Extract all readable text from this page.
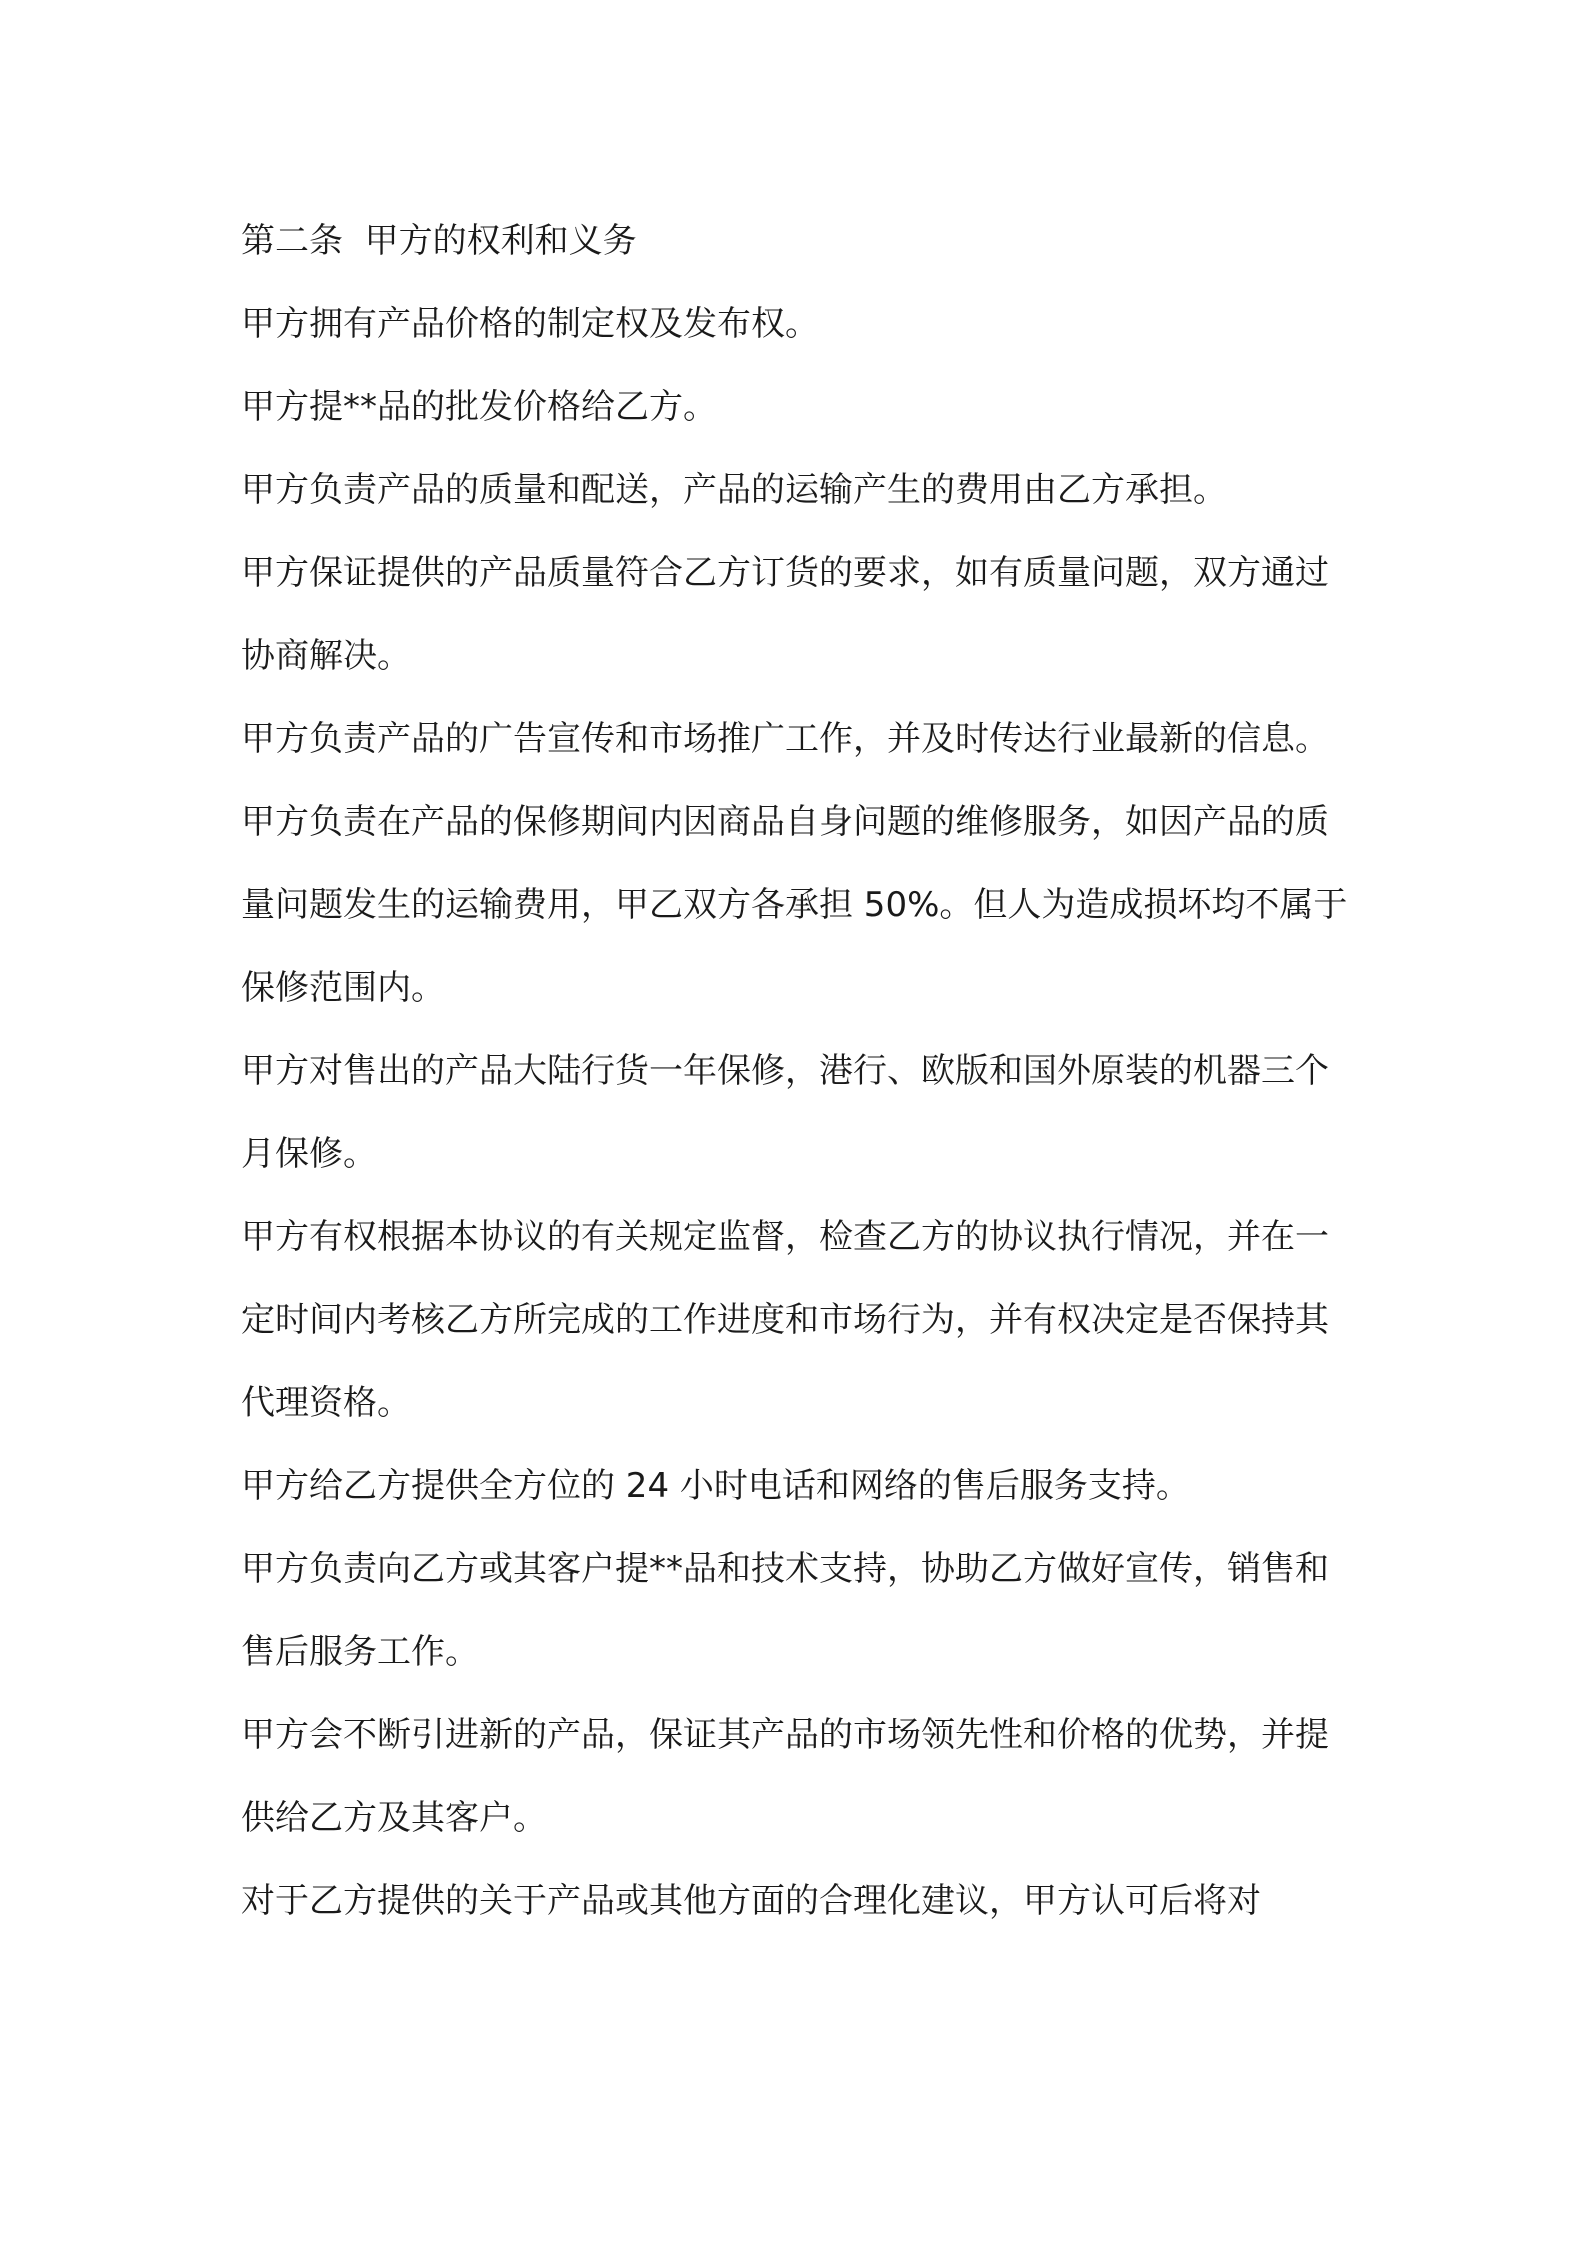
第二条  甲方的权利和义务

甲方拥有产品价格的制定权及发布权。

甲方提**品的批发价格给乙方。

甲方负责产品的质量和配送，产品的运输产生的费用由乙方承担。

甲方保证提供的产品质量符合乙方订货的要求，如有质量问题，双方通过协商解决。

甲方负责产品的广告宣传和市场推广工作，并及时传达行业最新的信息。

甲方负责在产品的保修期间内因商品自身问题的维修服务，如因产品的质量问题发生的运输费用，甲乙双方各承担 50%。但人为造成损坏均不属于保修范围内。

甲方对售出的产品大陆行货一年保修，港行、欧版和国外原装的机器三个月保修。

甲方有权根据本协议的有关规定监督，检查乙方的协议执行情况，并在一定时间内考核乙方所完成的工作进度和市场行为，并有权决定是否保持其代理资格。

甲方给乙方提供全方位的 24 小时电话和网络的售后服务支持。

甲方负责向乙方或其客户提**品和技术支持，协助乙方做好宣传，销售和售后服务工作。

甲方会不断引进新的产品，保证其产品的市场领先性和价格的优势，并提供给乙方及其客户。

对于乙方提供的关于产品或其他方面的合理化建议，甲方认可后将对
